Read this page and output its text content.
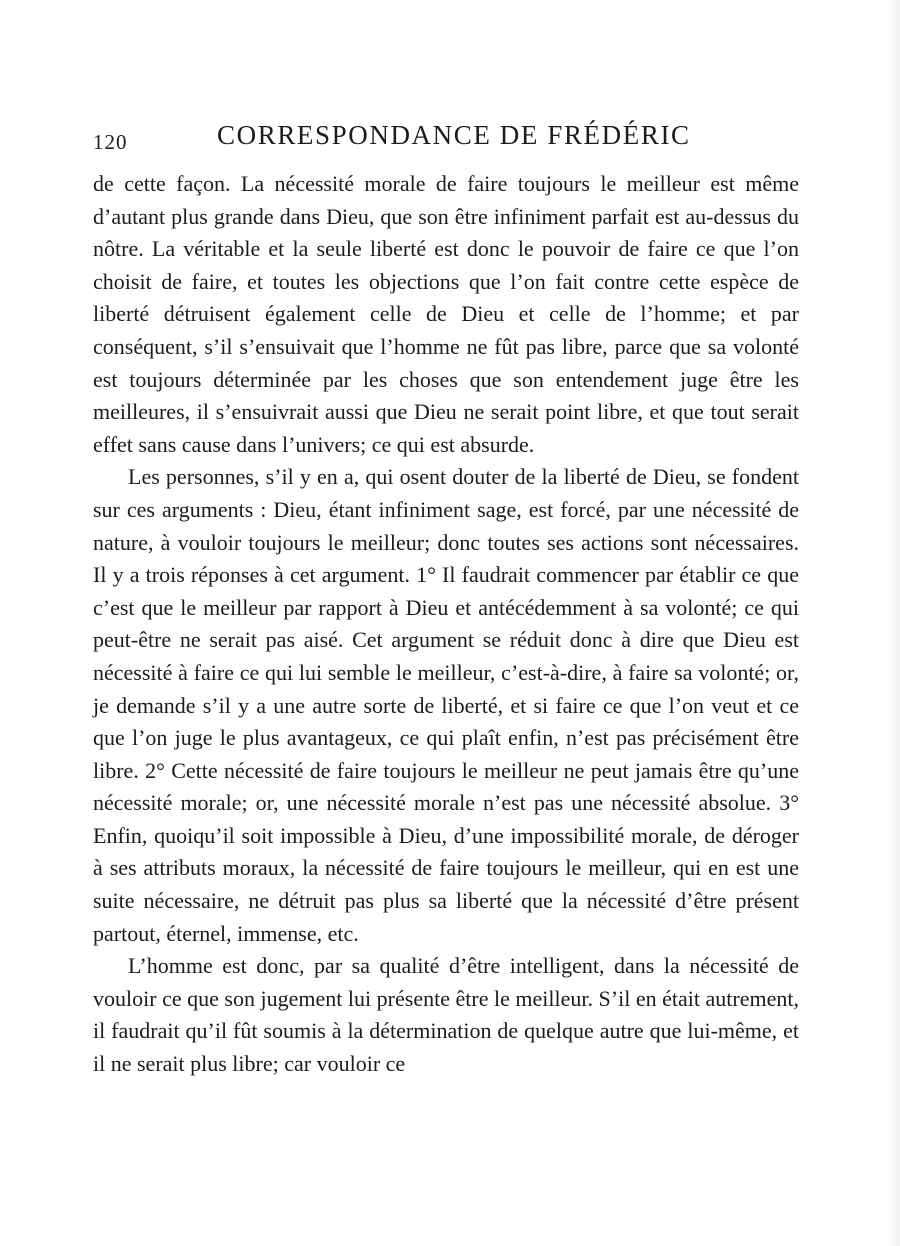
120	CORRESPONDANCE DE FRÉDÉRIC

de cette façon. La nécessité morale de faire toujours le meilleur est même d’autant plus grande dans Dieu, que son être infiniment parfait est au-dessus du nôtre. La véritable et la seule liberté est donc le pouvoir de faire ce que l’on choisit de faire, et toutes les objections que l’on fait contre cette espèce de liberté détruisent également celle de Dieu et celle de l’homme; et par conséquent, s’il s’ensuivait que l’homme ne fût pas libre, parce que sa volonté est toujours déterminée par les choses que son entendement juge être les meilleures, il s’ensuivrait aussi que Dieu ne serait point libre, et que tout serait effet sans cause dans l’univers; ce qui est absurde.

Les personnes, s’il y en a, qui osent douter de la liberté de Dieu, se fondent sur ces arguments : Dieu, étant infiniment sage, est forcé, par une nécessité de nature, à vouloir toujours le meilleur; donc toutes ses actions sont nécessaires. Il y a trois réponses à cet argument. 1° Il faudrait commencer par établir ce que c’est que le meilleur par rapport à Dieu et antécédemment à sa volonté; ce qui peut-être ne serait pas aisé. Cet argument se réduit donc à dire que Dieu est nécessité à faire ce qui lui semble le meilleur, c’est-à-dire, à faire sa volonté; or, je demande s’il y a une autre sorte de liberté, et si faire ce que l’on veut et ce que l’on juge le plus avantageux, ce qui plaît enfin, n’est pas précisément être libre. 2° Cette nécessité de faire toujours le meilleur ne peut jamais être qu’une nécessité morale; or, une nécessité morale n’est pas une nécessité absolue. 3° Enfin, quoiqu’il soit impossible à Dieu, d’une impossibilité morale, de déroger à ses attributs moraux, la nécessité de faire toujours le meilleur, qui en est une suite nécessaire, ne détruit pas plus sa liberté que la nécessité d’être présent partout, éternel, immense, etc.

L’homme est donc, par sa qualité d’être intelligent, dans la nécessité de vouloir ce que son jugement lui présente être le meilleur. S’il en était autrement, il faudrait qu’il fût soumis à la détermination de quelque autre que lui-même, et il ne serait plus libre; car vouloir ce
